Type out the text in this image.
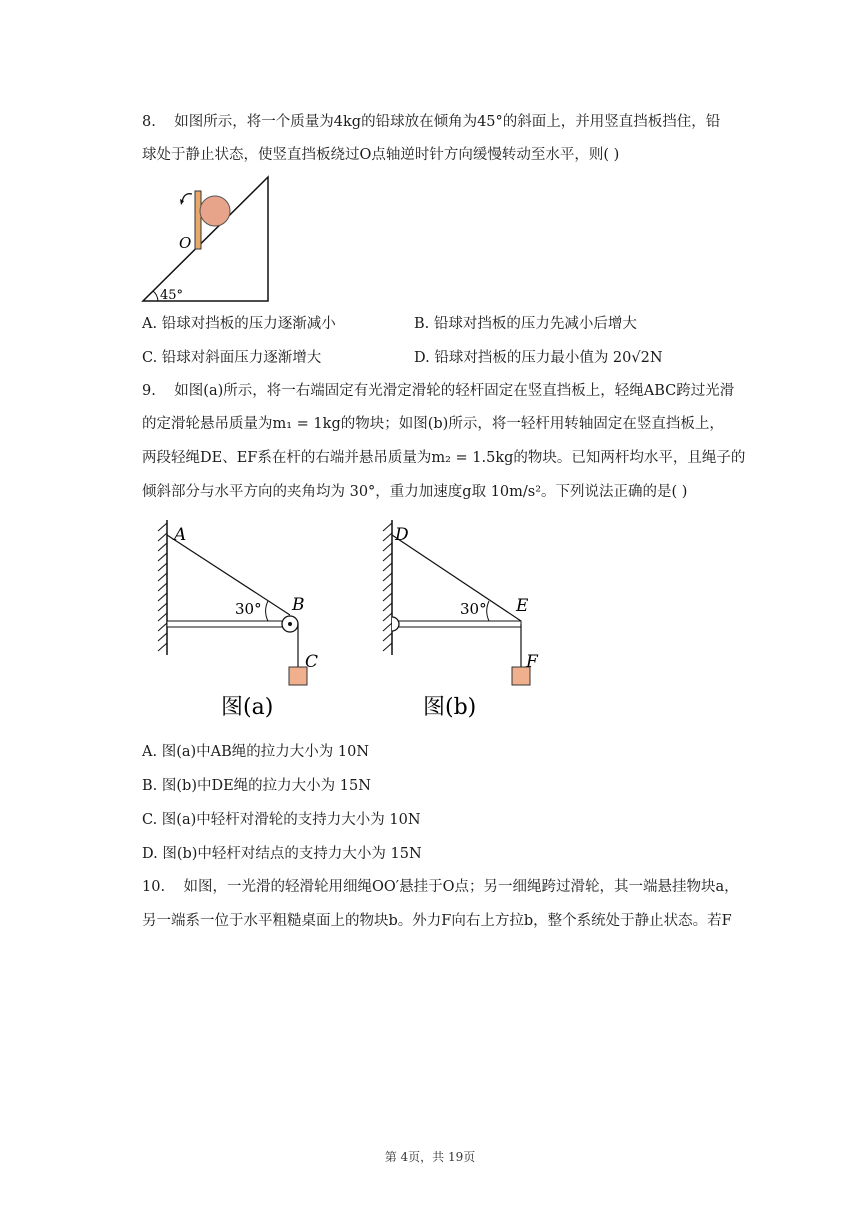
8. 如图所示，将一个质量为4kg的铅球放在倾角为45°的斜面上，并用竖直挡板挡住，铅
球处于静止状态，使竖直挡板绕过O点轴逆时针方向缓慢转动至水平，则( )
O
45°
A. 铅球对挡板的压力逐渐减小	B. 铅球对挡板的压力先减小后增大
C. 铅球对斜面压力逐渐增大	D. 铅球对挡板的压力最小值为 20√2N
9. 如图(a)所示，将一右端固定有光滑定滑轮的轻杆固定在竖直挡板上，轻绳ABC跨过光滑
的定滑轮悬吊质量为m₁ = 1kg的物块；如图(b)所示，将一轻杆用转轴固定在竖直挡板上，
两段轻绳DE、EF系在杆的右端并悬吊质量为m₂ = 1.5kg的物块。已知两杆均水平，且绳子的
倾斜部分与水平方向的夹角均为 30°，重力加速度g取 10m/s²。下列说法正确的是( )
A
B
C
30°
图(a)
D
E
F
30°
图(b)
A. 图(a)中AB绳的拉力大小为 10N
B. 图(b)中DE绳的拉力大小为 15N
C. 图(a)中轻杆对滑轮的支持力大小为 10N
D. 图(b)中轻杆对结点的支持力大小为 15N
10. 如图，一光滑的轻滑轮用细绳OO′悬挂于O点；另一细绳跨过滑轮，其一端悬挂物块a，
另一端系一位于水平粗糙桌面上的物块b。外力F向右上方拉b，整个系统处于静止状态。若F
第 4页，共 19页
